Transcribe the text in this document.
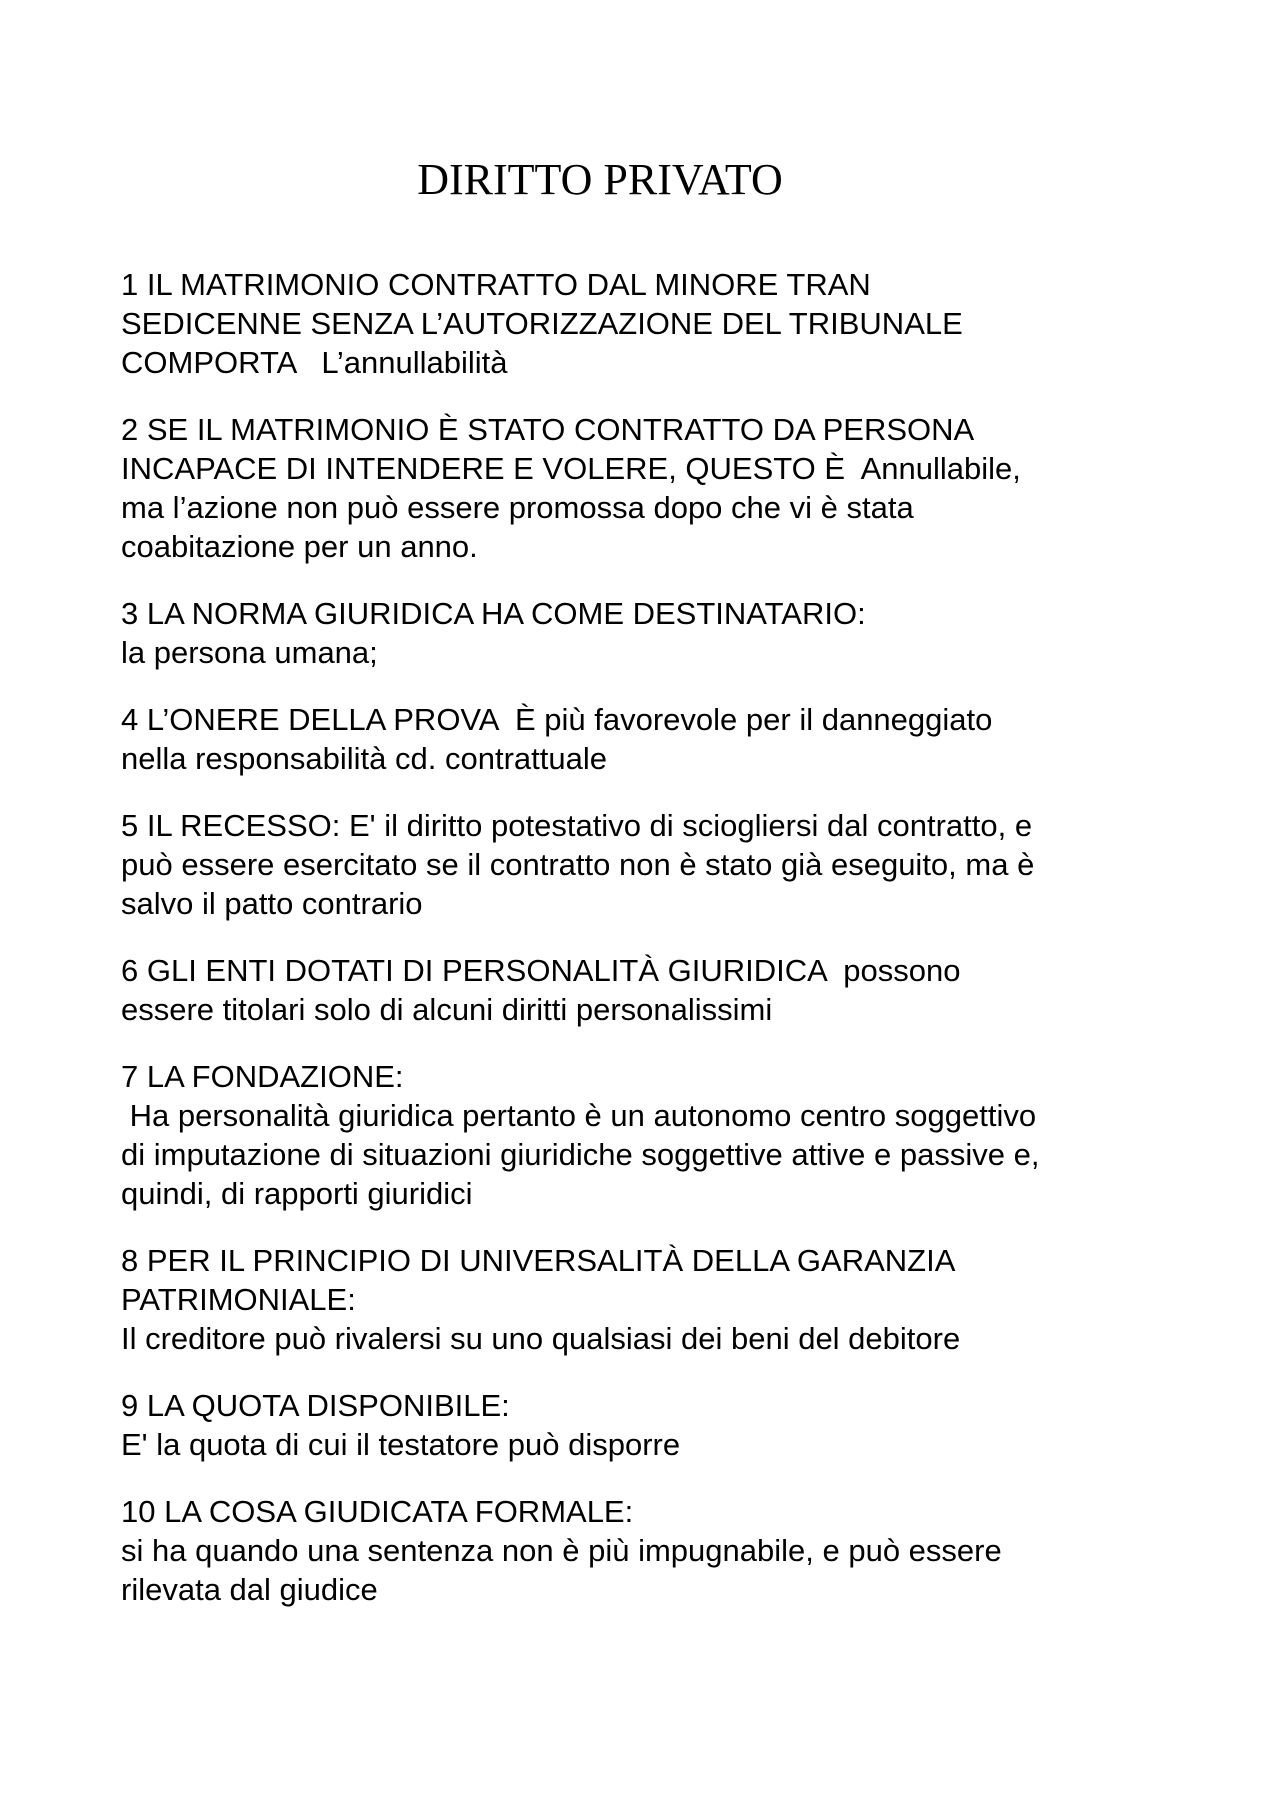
DIRITTO PRIVATO
1 IL MATRIMONIO CONTRATTO DAL MINORE TRAN
SEDICENNE SENZA L’AUTORIZZAZIONE DEL TRIBUNALE
COMPORTA   L’annullabilità
2 SE IL MATRIMONIO È STATO CONTRATTO DA PERSONA
INCAPACE DI INTENDERE E VOLERE, QUESTO È  Annullabile,
ma l’azione non può essere promossa dopo che vi è stata
coabitazione per un anno.
3 LA NORMA GIURIDICA HA COME DESTINATARIO:
la persona umana;
4 L’ONERE DELLA PROVA  È più favorevole per il danneggiato
nella responsabilità cd. contrattuale
5 IL RECESSO: E' il diritto potestativo di sciogliersi dal contratto, e
può essere esercitato se il contratto non è stato già eseguito, ma è
salvo il patto contrario
6 GLI ENTI DOTATI DI PERSONALITÀ GIURIDICA  possono
essere titolari solo di alcuni diritti personalissimi
7 LA FONDAZIONE:
Ha personalità giuridica pertanto è un autonomo centro soggettivo
di imputazione di situazioni giuridiche soggettive attive e passive e,
quindi, di rapporti giuridici
8 PER IL PRINCIPIO DI UNIVERSALITÀ DELLA GARANZIA
PATRIMONIALE:
Il creditore può rivalersi su uno qualsiasi dei beni del debitore
9 LA QUOTA DISPONIBILE:
E' la quota di cui il testatore può disporre
10 LA COSA GIUDICATA FORMALE:
si ha quando una sentenza non è più impugnabile, e può essere
rilevata dal giudice
